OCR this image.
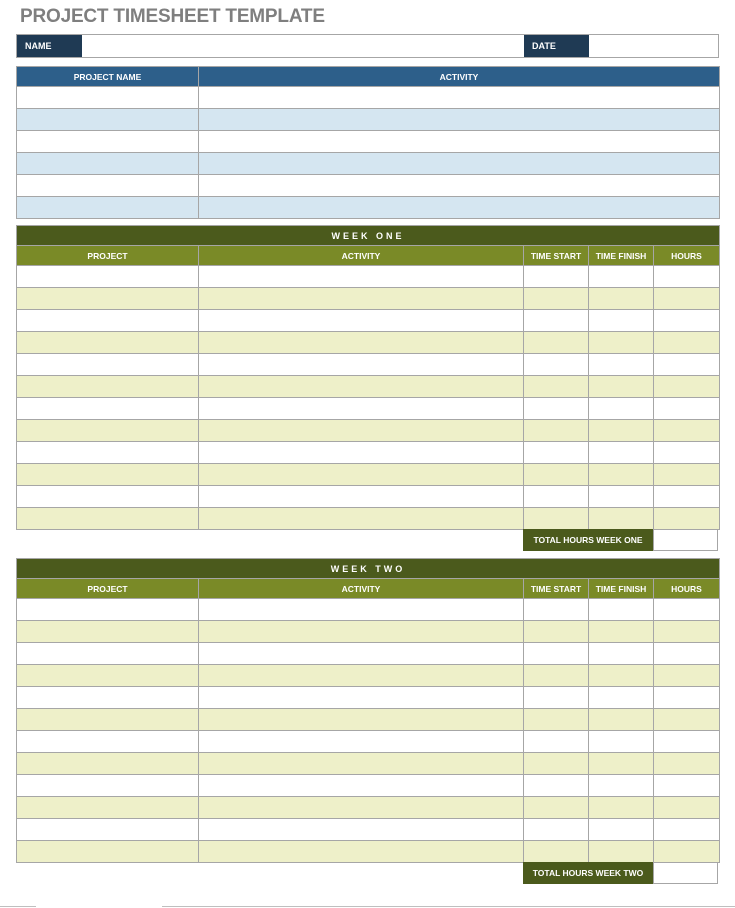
PROJECT TIMESHEET TEMPLATE
NAME	DATE
PROJECT NAME	ACTIVITY

WEEK ONE				
PROJECT	ACTIVITY	TIME START	TIME FINISH	HOURS

TOTAL HOURS WEEK ONE
WEEK TWO				
PROJECT	ACTIVITY	TIME START	TIME FINISH	HOURS

TOTAL HOURS WEEK TWO
